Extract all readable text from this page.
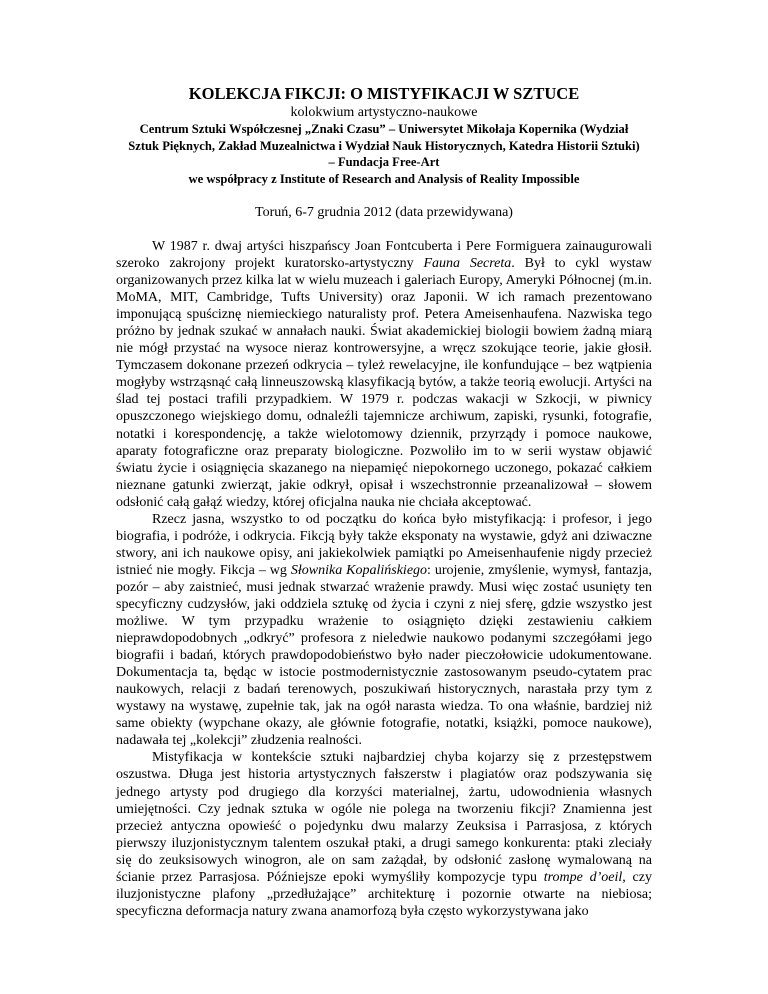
KOLEKCJA FIKCJI: O MISTYFIKACJI W SZTUCE

kolokwium artystyczno-naukowe

Centrum Sztuki Współczesnej „Znaki Czasu” – Uniwersytet Mikołaja Kopernika (Wydział
Sztuk Pięknych, Zakład Muzealnictwa i Wydział Nauk Historycznych, Katedra Historii Sztuki)
– Fundacja Free-Art
we współpracy z Institute of Research and Analysis of Reality Impossible

Toruń, 6-7 grudnia 2012 (data przewidywana)

W 1987 r. dwaj artyści hiszpańscy Joan Fontcuberta i Pere Formiguera zainaugurowali szeroko zakrojony projekt kuratorsko-artystyczny Fauna Secreta. Był to cykl wystaw organizowanych przez kilka lat w wielu muzeach i galeriach Europy, Ameryki Północnej (m.in. MoMA, MIT, Cambridge, Tufts University) oraz Japonii. W ich ramach prezentowano imponującą spuściznę niemieckiego naturalisty prof. Petera Ameisenhaufena. Nazwiska tego próżno by jednak szukać w annałach nauki. Świat akademickiej biologii bowiem żadną miarą nie mógł przystać na wysoce nieraz kontrowersyjne, a wręcz szokujące teorie, jakie głosił. Tymczasem dokonane przezeń odkrycia – tyleż rewelacyjne, ile konfundujące – bez wątpienia mogłyby wstrząsnąć całą linneuszowską klasyfikacją bytów, a także teorią ewolucji. Artyści na ślad tej postaci trafili przypadkiem. W 1979 r. podczas wakacji w Szkocji, w piwnicy opuszczonego wiejskiego domu, odnaleźli tajemnicze archiwum, zapiski, rysunki, fotografie, notatki i korespondencję, a także wielotomowy dziennik, przyrządy i pomoce naukowe, aparaty fotograficzne oraz preparaty biologiczne. Pozwoliło im to w serii wystaw objawić światu życie i osiągnięcia skazanego na niepamięć niepokornego uczonego, pokazać całkiem nieznane gatunki zwierząt, jakie odkrył, opisał i wszechstronnie przeanalizował – słowem odsłonić całą gałąź wiedzy, której oficjalna nauka nie chciała akceptować.

Rzecz jasna, wszystko to od początku do końca było mistyfikacją: i profesor, i jego biografia, i podróże, i odkrycia. Fikcją były także eksponaty na wystawie, gdyż ani dziwaczne stwory, ani ich naukowe opisy, ani jakiekolwiek pamiątki po Ameisenhaufenie nigdy przecież istnieć nie mogły. Fikcja – wg Słownika Kopalińskiego: urojenie, zmyślenie, wymysł, fantazja, pozór – aby zaistnieć, musi jednak stwarzać wrażenie prawdy. Musi więc zostać usunięty ten specyficzny cudzysłów, jaki oddziela sztukę od życia i czyni z niej sferę, gdzie wszystko jest możliwe. W tym przypadku wrażenie to osiągnięto dzięki zestawieniu całkiem nieprawdopodobnych „odkryć” profesora z nieledwie naukowo podanymi szczegółami jego biografii i badań, których prawdopodobieństwo było nader pieczołowicie udokumentowane. Dokumentacja ta, będąc w istocie postmodernistycznie zastosowanym pseudo-cytatem prac naukowych, relacji z badań terenowych, poszukiwań historycznych, narastała przy tym z wystawy na wystawę, zupełnie tak, jak na ogół narasta wiedza. To ona właśnie, bardziej niż same obiekty (wypchane okazy, ale głównie fotografie, notatki, książki, pomoce naukowe), nadawała tej „kolekcji” złudzenia realności.

Mistyfikacja w kontekście sztuki najbardziej chyba kojarzy się z przestępstwem oszustwa. Długa jest historia artystycznych fałszerstw i plagiatów oraz podszywania się jednego artysty pod drugiego dla korzyści materialnej, żartu, udowodnienia własnych umiejętności. Czy jednak sztuka w ogóle nie polega na tworzeniu fikcji? Znamienna jest przecież antyczna opowieść o pojedynku dwu malarzy Zeuksisa i Parrasjosa, z których pierwszy iluzjonistycznym talentem oszukał ptaki, a drugi samego konkurenta: ptaki zleciały się do zeuksisowych winogron, ale on sam zażądał, by odsłonić zasłonę wymalowaną na ścianie przez Parrasjosa. Późniejsze epoki wymyśliły kompozycje typu trompe d’oeil, czy iluzjonistyczne plafony „przedłużające” architekturę i pozornie otwarte na niebiosa; specyficzna deformacja natury zwana anamorfozą była często wykorzystywana jako
